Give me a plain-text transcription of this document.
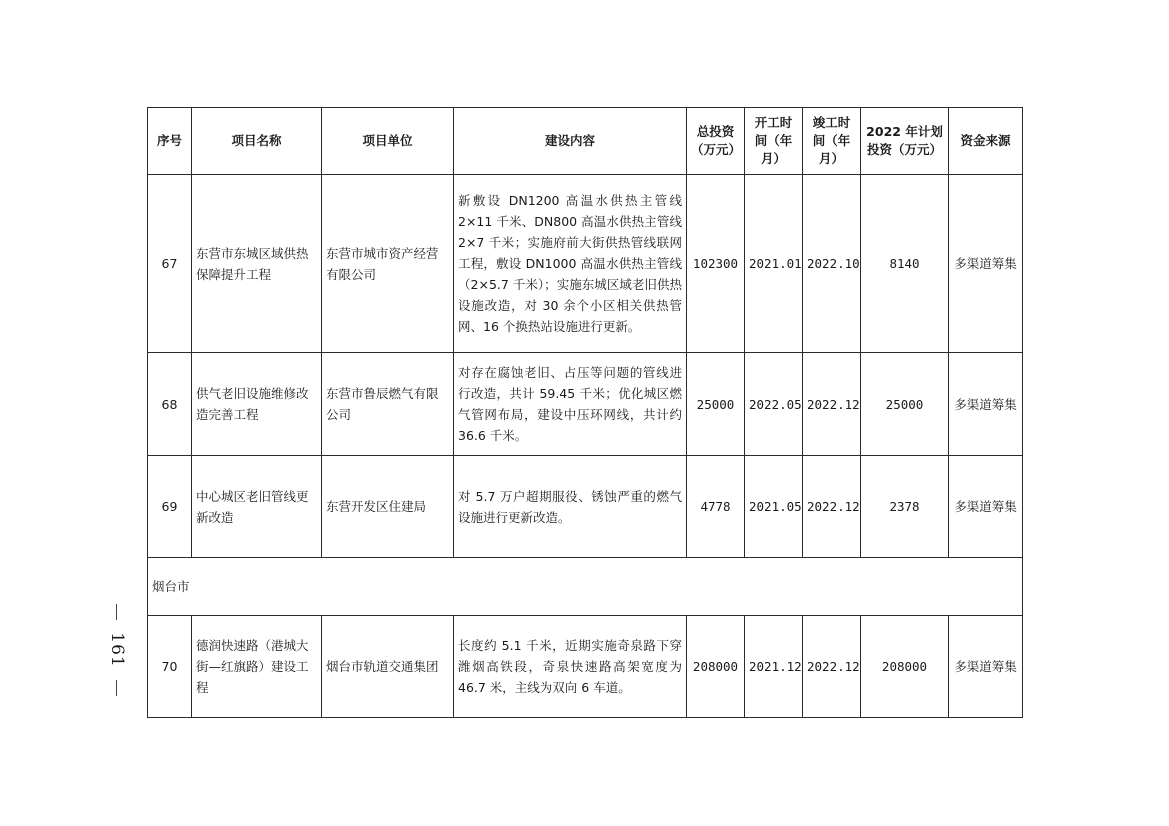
序号	项目名称	项目单位	建设内容	总投资（万元）	开工时间（年月）	竣工时间（年月）	2022 年计划投资（万元）	资金来源
67	东营市东城区域供热保障提升工程	东营市城市资产经营有限公司	新敷设 DN1200 高温水供热主管线 2×11 千米、DN800 高温水供热主管线 2×7 千米；实施府前大街供热管线联网工程，敷设 DN1000 高温水供热主管线（2×5.7 千米）；实施东城区域老旧供热设施改造，对 30 余个小区相关供热管网、16 个换热站设施进行更新。	102300	2021.01	2022.10	8140	多渠道筹集
68	供气老旧设施维修改造完善工程	东营市鲁辰燃气有限公司	对存在腐蚀老旧、占压等问题的管线进行改造，共计 59.45 千米；优化城区燃气管网布局，建设中压环网线，共计约 36.6 千米。	25000	2022.05	2022.12	25000	多渠道筹集
69	中心城区老旧管线更新改造	东营开发区住建局	对 5.7 万户超期服役、锈蚀严重的燃气设施进行更新改造。	4778	2021.05	2022.12	2378	多渠道筹集
烟台市								
70	德润快速路（港城大街—红旗路）建设工程	烟台市轨道交通集团	长度约 5.1 千米，近期实施奇泉路下穿潍烟高铁段，奇泉快速路高架宽度为 46.7 米，主线为双向 6 车道。	208000	2021.12	2022.12	208000	多渠道筹集
161
